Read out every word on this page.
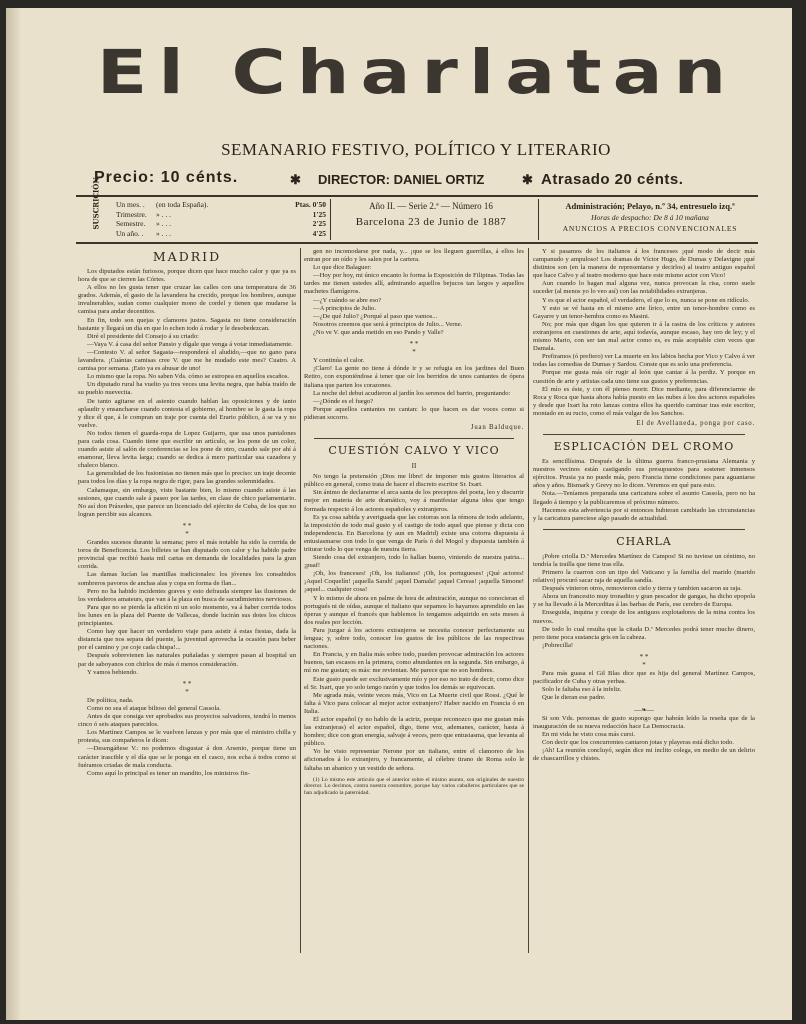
El Charlatan
SEMANARIO FESTIVO, POLÍTICO Y LITERARIO
Precio: 10 cénts.	✱ DIRECTOR: DANIEL ORTIZ	✱ Atrasado 20 cénts.
SUSCRICIÓN Un mes. . (en toda España).	Ptas. 0'50
Trimestre. » . . .	1'25
Semestre. » . . .	2'25
Un año. . » . . .	4'25
Año II. — Serie 2.ª — Número 16
Barcelona 23 de Junio de 1887
Administración; Pelayo, n.º 34, entresuelo izq.ª
Horas de despacho: De 8 á 10 mañana
ANUNCIOS A PRECIOS CONVENCIONALES

MADRID

Los diputados están furiosos, porque dicen que hace mucho calor y que ya es hora de que se cierren las Córtes.

A ellos no les gusta tener que cruzar las calles con una temperatura de 36 grados. Además, el gasto de la lavandera ha crecido, porque los hombres, aunque invulnerables, sudan como cualquier mono de cordel y tienen que mudarse la camisa para andar decentitos.

En fin, todo son quejas y clamores justos. Sagasta no tiene consideración bastante y llegará un día en que lo echen todo á rodar y le desobedezcan.

Diré el presidente del Consejo á su criado:

—Vaya V. á casa del señor Pansio y dígale que venga á votar inmediatamente.

—Contesto V. al señor Sagasta—responderá el aludido,—que no gano para lavandera. ¡Cuántas camisas cree V. que me he mudado este mes? Cuatro. A camisa por semana. ¡Esto ya es abusar de uno!

Lo mismo que la ropa. No saben Vds. cómo se estropea en aquellos escaños.

Un diputado rural ha vuelto ya tres veces una levita negra, que había traído de su pueblo nuevecita.

De tanto agitarse en el asiento cuando hablan las oposiciones y de tanto aplaudir y ensancharse cuando contesta el gobierno, al hombre se le gasta la ropa y dice él que, á le compran un traje por cuenta del Erario público, á se va y no vuelve.

No todos tienen el guarda-ropa de Lopez Guijarro, que usa unos pantalones para cada cosa. Cuando tiene que escribir un artículo, se los pone de un color, cuando asiste al salón de conferencias se los pone de otro, cuando sale por ahí á enamorar, lleva levita larga; cuando se dedica á mero particular usa cazadora y chaleco blanco.

La generalidad de los fusionistas no tienen más que lo preciso: un traje decente para todos los días y la ropa negra de rigor, para las grandes solemnidades.

Cañamaque, sin embargo, viste bastante bien, lo mismo cuando asiste á las sesiones, que cuando sale á paseo por las tardes, en clase de chico parlamentario. No así don Práxedes, que parece un licenciado del ejército de Cuba, de los que no logran percibir sus alcances.

* *
*

Grandes sucesos durante la semana; pero el más notable ha sido la corrida de toros de Beneficencia. Los billetes se han disputado con calor y ha habido padre provincial que recibió hasta mil cartas en demanda de localidades para la gran corrida.

Las damas lucían las mantillas tradicionales: los jóvenes los consabidos sombreros pavoros de anchas alas y copa en forma de flan...

Pero no ha habido incidentes graves y esto defrauda siempre las ilusiones de los verdaderos amateurs, que van á la plaza en busca de sacudimientos nerviosos.

Para que no se pierda la afición ni un solo momento, va á haber corrida todos los lunes en la plaza del Puente de Vallecas, donde lucirán sus dotes los chicos principiantes.

Como hay que hacer un verdadero viaje para asistir á estas fiestas, dada la distancia que nos separa del puente, la juventud aprovecha la ocasión para beber por el camino y ¡se coje cada chispa!...

Después sobrevienen las naturales puñaladas y siempre pasan al hospital un par de saboyanos con chirlos de más ó menos consideración.

Y vamos bebiendo.

* *
*

De política, nada.

Como no sea el ataque bilioso del general Cassola.

Antes de que consiga ver aprobados sus proyectos salvadores, tendrá lo menos cinco ó seis ataques parecidos.

Los Martínez Campos se le vuelven lanzas y por más que el ministro chilla y protesta, sus compañeros le dicen:

—Desengáñese V.: no podemos disgustar á don Arsenio, porque tiene un carácter irascible y el día que se le ponga en el casco, nos echa á todos como si fuéramos criadas de mala conducta.

Como aquí lo principal es tener un mandito, los ministros fin-

gen no incomodarse por nada, y... ¡que se los lleguen guerrillas, á ellos les entran por un oído y les salen por la cartera.

Lo que dice Balaguer:

—Hoy por hoy, mi único encanto lo forma la Exposición de Filipinas. Todas las tardes me tienen ustedes allí, admirando aquellos bejucos tan largos y aquellos machetes flamígeros.

—¿Y cuándo se abre eso?

—A principios de Julio.

—¿De qué Julio? ¿Porqué al paso que vamos...

Nosotros creemos que será á principios de Julio... Verne.

¿No ve V. que anda metido en eso Pando y Valle?

* *
*

Y continúa el calor.

¡Claro! La gente no tiene á dónde ir y se refugia en los jardines del Buen Retiro, con exponiéndose á tener que oír los berridos de unos cantantes de ópera italiana que parten los corazones.

La noche del debut acudieron al jardín los serenos del barrio, preguntando:

—¿Dónde es el fuego?

Porque aquellos cantantes no cantan: lo que hacen es dar voces como si pidieran socorro.

Juan Balduque.

CUESTIÓN CALVO Y VICO

II

No tengo la pretensión ¡Dios me libre! de imponer mis gustos literarios al público en general, como trata de hacer el discreto escritor Sr. Ixart.

Sin ánimo de declararme el arca santa de los preceptos del poeta, leo y discurrir mejor en materia de arte dramático, voy á manifestar alguna idea que tengo formada respecto á los actores españoles y extranjeros.

Es ya cosa sabida y averiguada que las cotorras son la rémora de todo adelanto, la imposición de todo mal gusto y el castigo de todo aquel que piense y dicta con independencia. En Barcelona (y aun en Madrid) existe una cotorra dispuesta á entusiasmarse con todo lo que venga de París ó del Mogol y dispuesta también á triturar todo lo que venga de nuestra tierra.

Siendo cosa del extranjero, todo lo hallan bueno, viniendo de nuestra patria... ¡puaf!

¡Oh, los franceses! ¡Oh, los italianos! ¡Oh, los portugueses! ¡Qué actores! ¡Aquel Coquelín! ¡aquella Sarah! ¡aquel Damala! ¡aquel Cereas! ¡aquella Simone! ¡aquel... cualquier cosa!

Y lo mismo de ahora en palme de hora de admiración, aunque no conocieran el portugués ni de oídas, aunque el italiano que sepamos lo hayamos aprendido en las óperas y aunque el francés que hablemos lo tengamos adquirido en seis meses á dos reales por lección.

Para juzgar á los actores extranjeros se necesita conocer perfectamente su lengua; y, sobre todo, conocer los gustos de los públicos de las respectivas naciones.

En Francia, y en Italia más sobre todo, pueden provocar admiración los actores buenos, tan escasos en la primera, como abundantes en la segunda. Sin embargo, á mí no me gustan; es más: me revientan. Me parece que no son hombres.

Este gusto puede ser exclusivamente mío y por eso no trato de decir, como dice el Sr. Ixart, que yo solo tengo razón y que todos los demás se equivocan.

Me agrada más, veinte veces más, Vico en La Muerte civil que Rossi. ¿Qué le falta á Vico para colocar al mejor actor extranjero? Haber nacido en Francia ó en Italia.

El actor español (y no hablo de la actriz, porque reconozco que me gustan más las extranjeras) el actor español, digo, tiene voz, ademanes, carácter, hasta á hombre; dice con gran energía, salvaje á veces, pero que entusiasma, que levanta al público.

Yo he visto representar Nerone por un italiano, entre el clamoreo de los aficionados á lo extranjero, y francamente, al célebre tirano de Roma solo le faltaba un abanico y un vestido de señora.

(1) Lo mismo este artículo que el anterior sobre el mismo asunto, son originales de nuestro director. Lo decimos, contra nuestra costumbre, porque hay varios caballeros particulares que se han adjudicado la paternidad.

Y si pasamos de los italianos á los franceses ¡qué modo de decir más campanudo y ampuloso! Los dramas de Víctor Hugo, de Dumas y Delavigne ¡qué distintos son (en la manera de representarse y decirlos) al teatro antiguo español que hace Calvo y al teatro moderno que hace este mismo actor con Vico!

Aun cuando lo hagan mal alguna vez, nunca provocan la risa, como suele suceder (al menos yo lo veo así) con las notabilidades extranjeras.

Y es que el actor español, el verdadero, el que lo es, nunca se pone en ridículo.

Y esto se vé hasta en el mismo arte lírico, entre un tenor-hombre como es Gayarre y un tenor-hembra como es Masini.

No; por más que digan los que quieren ir á la rastra de los críticos y autores extranjeros en cuestiones de arte, aquí todavía, aunque escaso, hay oro de ley; y el mismo Mario, con ser tan mal actor como es, es más aceptable cien veces que Damala.

Prefiramos (ó prefiero) ver La muerte en los labios hecha por Vico y Calvo á ver todas las comedias de Dumas y Sardou. Conste que es solo una preferencia.

Porque me gusta más oír rugir al león que cantar á la perdiz. Y porque en cuestión de arte y artistas cada uno tiene sus gustos y preferencias.

El mío es éste, y con él pienso morir. Dice mediante, para diferenciarme de Roca y Roca que hasta ahora había puesto en las nubes á los dos actores españoles y desde que Ixart ha roto lanzas contra ellos ha querido caminar tras este escritor, montado en su rucio, como el más vulgar de los Sanchos.

El de Avellaneda, ponga por caso.

ESPLICACIÓN DEL CROMO

Es sencillísima. Después de la última guerra franco-prusiana Alemania y nuestros vecinos están castigando sus presupuestos para sostener inmensos ejércitos. Prusia ya no puede más, pero Francia tiene condiciones para aguantarse años y años. Bismark y Grevy no lo dicen. Veremos en qué para esto.

Nota.—Teníamos preparada una caricatura sobre el asunto Cassola, pero no ha llegado á tiempo y la publicaremos el próximo número.

Hacemos esta advertencia por si entonces hubieran cambiado las circunstancias y la caricatura pareciese algo pasado de actualidad.

CHARLA

¡Pobre criolla D.ª Mercedes Martínez de Campos! Si no tuviese un céntimo, no tendría la trailla que tiene tras ella.

Primero la cuarron con un tipo del Vaticano y la familia del marido (marido relativo) procuró sacar raja de aquella sandía.

Después vinieron otros, removieron cielo y tierra y tambien sacaron su raja.

Ahora un francesito muy tronadito y gran pescador de gangas, ha dicho epopola y se ha llevado á la Merceditas á las barbas de París, ese cerebro de Europa.

Enseguida, inquina y coraje de los antiguos explotadores de la mina contra los nuevos.

De todo lo cual resulta que la citada D.ª Mercedes podrá tener mucho dinero, pero tiene poca sustancia gris en la cabeza.

¡Pobrecilla!

* *
*

Para más guasa el Gil Blas dice que es hija del general Martínez Campos, pacificador de Cuba y otras yerbas.

Solo le faltaba eso á la infeliz.

Que le dieran ese padre.

—❧—

Si son Vds. personas de gusto supongo que habrán leído la reseña que de la inauguración de su nueva redacción hace La Democracia.

En mi vida he visto cosa más cursi.

Con decir que los concurrentes cantaron jotas y playeras está dicho todo.

¡Ah! La reunión concluyó, según dice mi ínclito colega, en medio de un delirio de chascarrillos y chistes.
